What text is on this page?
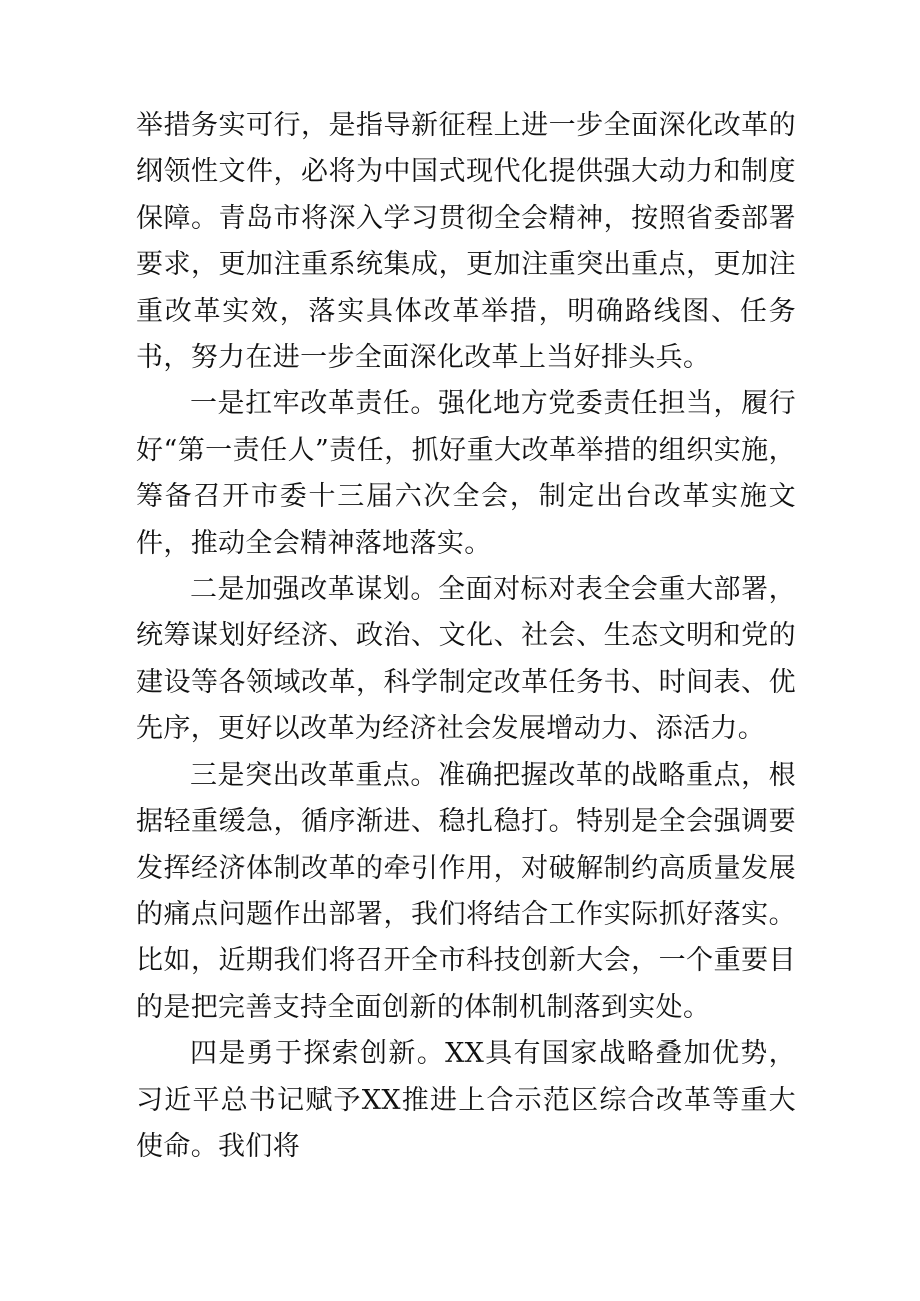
举措务实可行，是指导新征程上进一步全面深化改革的纲领性文件，必将为中国式现代化提供强大动力和制度保障。青岛市将深入学习贯彻全会精神，按照省委部署要求，更加注重系统集成，更加注重突出重点，更加注重改革实效，落实具体改革举措，明确路线图、任务书，努力在进一步全面深化改革上当好排头兵。

一是扛牢改革责任。强化地方党委责任担当，履行好“第一责任人”责任，抓好重大改革举措的组织实施，筹备召开市委十三届六次全会，制定出台改革实施文件，推动全会精神落地落实。

二是加强改革谋划。全面对标对表全会重大部署，统筹谋划好经济、政治、文化、社会、生态文明和党的建设等各领域改革，科学制定改革任务书、时间表、优先序，更好以改革为经济社会发展增动力、添活力。

三是突出改革重点。准确把握改革的战略重点，根据轻重缓急，循序渐进、稳扎稳打。特别是全会强调要发挥经济体制改革的牵引作用，对破解制约高质量发展的痛点问题作出部署，我们将结合工作实际抓好落实。比如，近期我们将召开全市科技创新大会，一个重要目的是把完善支持全面创新的体制机制落到实处。

四是勇于探索创新。XX具有国家战略叠加优势，习近平总书记赋予XX推进上合示范区综合改革等重大使命。我们将
